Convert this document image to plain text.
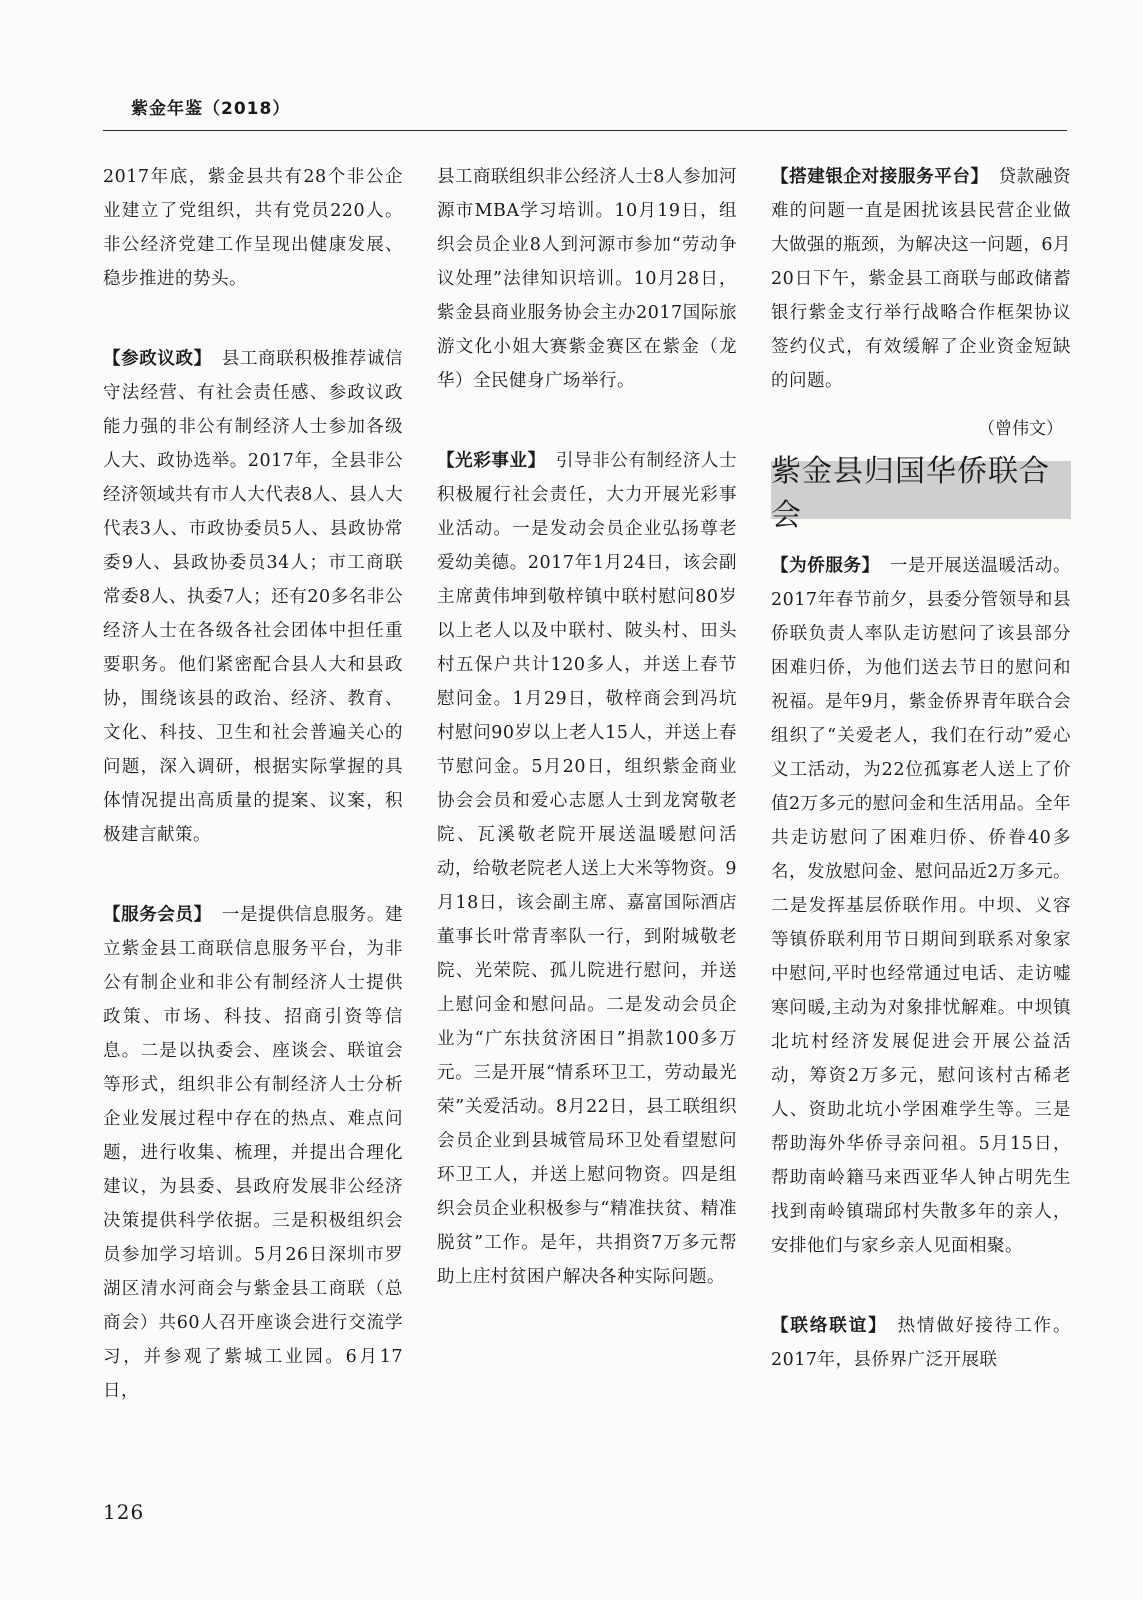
紫金年鉴（2018）

2017年底，紫金县共有28个非公企业建立了党组织，共有党员220人。非公经济党建工作呈现出健康发展、稳步推进的势头。

【参政议政】 县工商联积极推荐诚信守法经营、有社会责任感、参政议政能力强的非公有制经济人士参加各级人大、政协选举。2017年，全县非公经济领域共有市人大代表8人、县人大代表3人、市政协委员5人、县政协常委9人、县政协委员34人；市工商联常委8人、执委7人；还有20多名非公经济人士在各级各社会团体中担任重要职务。他们紧密配合县人大和县政协，围绕该县的政治、经济、教育、文化、科技、卫生和社会普遍关心的问题，深入调研，根据实际掌握的具体情况提出高质量的提案、议案，积极建言献策。

【服务会员】 一是提供信息服务。建立紫金县工商联信息服务平台，为非公有制企业和非公有制经济人士提供政策、市场、科技、招商引资等信息。二是以执委会、座谈会、联谊会等形式，组织非公有制经济人士分析企业发展过程中存在的热点、难点问题，进行收集、梳理，并提出合理化建议，为县委、县政府发展非公经济决策提供科学依据。三是积极组织会员参加学习培训。5月26日深圳市罗湖区清水河商会与紫金县工商联（总商会）共60人召开座谈会进行交流学习，并参观了紫城工业园。6月17日，

县工商联组织非公经济人士8人参加河源市MBA学习培训。10月19日，组织会员企业8人到河源市参加“劳动争议处理”法律知识培训。10月28日，紫金县商业服务协会主办2017国际旅游文化小姐大赛紫金赛区在紫金（龙华）全民健身广场举行。

【光彩事业】 引导非公有制经济人士积极履行社会责任，大力开展光彩事业活动。一是发动会员企业弘扬尊老爱幼美德。2017年1月24日，该会副主席黄伟坤到敬梓镇中联村慰问80岁以上老人以及中联村、陂头村、田头村五保户共计120多人，并送上春节慰问金。1月29日，敬梓商会到冯坑村慰问90岁以上老人15人，并送上春节慰问金。5月20日，组织紫金商业协会会员和爱心志愿人士到龙窝敬老院、瓦溪敬老院开展送温暖慰问活动，给敬老院老人送上大米等物资。9月18日，该会副主席、嘉富国际酒店董事长叶常青率队一行，到附城敬老院、光荣院、孤儿院进行慰问，并送上慰问金和慰问品。二是发动会员企业为“广东扶贫济困日”捐款100多万元。三是开展“情系环卫工，劳动最光荣”关爱活动。8月22日，县工联组织会员企业到县城管局环卫处看望慰问环卫工人，并送上慰问物资。四是组织会员企业积极参与“精准扶贫、精准脱贫”工作。是年，共捐资7万多元帮助上庄村贫困户解决各种实际问题。

【搭建银企对接服务平台】 贷款融资难的问题一直是困扰该县民营企业做大做强的瓶颈，为解决这一问题，6月20日下午，紫金县工商联与邮政储蓄银行紫金支行举行战略合作框架协议签约仪式，有效缓解了企业资金短缺的问题。

（曾伟文）
紫金县归国华侨联合会

【为侨服务】 一是开展送温暖活动。2017年春节前夕，县委分管领导和县侨联负责人率队走访慰问了该县部分困难归侨，为他们送去节日的慰问和祝福。是年9月，紫金侨界青年联合会组织了“关爱老人，我们在行动”爱心义工活动，为22位孤寡老人送上了价值2万多元的慰问金和生活用品。全年共走访慰问了困难归侨、侨眷40多名，发放慰问金、慰问品近2万多元。二是发挥基层侨联作用。中坝、义容等镇侨联利用节日期间到联系对象家中慰问,平时也经常通过电话、走访嘘寒问暖,主动为对象排忧解难。中坝镇北坑村经济发展促进会开展公益活动，筹资2万多元，慰问该村古稀老人、资助北坑小学困难学生等。三是帮助海外华侨寻亲问祖。5月15日，帮助南岭籍马来西亚华人钟占明先生找到南岭镇瑞邱村失散多年的亲人，安排他们与家乡亲人见面相聚。

【联络联谊】 热情做好接待工作。2017年，县侨界广泛开展联

126
